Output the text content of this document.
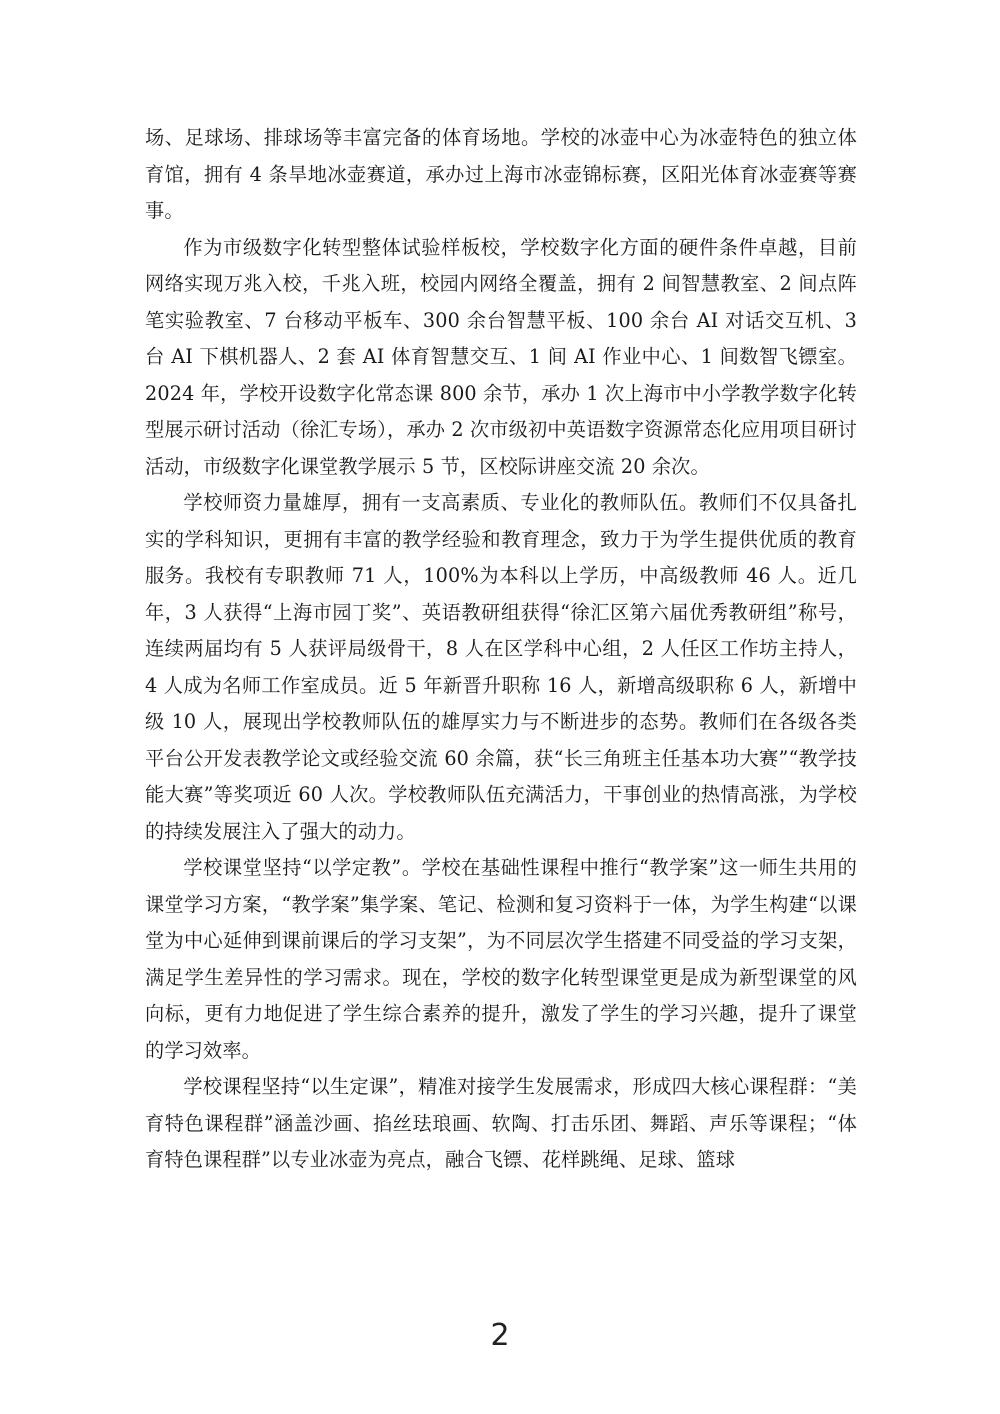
场、足球场、排球场等丰富完备的体育场地。学校的冰壶中心为冰壶特色的独立体育馆，拥有 4 条旱地冰壶赛道，承办过上海市冰壶锦标赛，区阳光体育冰壶赛等赛事。

作为市级数字化转型整体试验样板校，学校数字化方面的硬件条件卓越，目前网络实现万兆入校，千兆入班，校园内网络全覆盖，拥有 2 间智慧教室、2 间点阵笔实验教室、7 台移动平板车、300 余台智慧平板、100 余台 AI 对话交互机、3 台 AI 下棋机器人、2 套 AI 体育智慧交互、1 间 AI 作业中心、1 间数智飞镖室。2024 年，学校开设数字化常态课 800 余节，承办 1 次上海市中小学教学数字化转型展示研讨活动（徐汇专场），承办 2 次市级初中英语数字资源常态化应用项目研讨活动，市级数字化课堂教学展示 5 节，区校际讲座交流 20 余次。

学校师资力量雄厚，拥有一支高素质、专业化的教师队伍。教师们不仅具备扎实的学科知识，更拥有丰富的教学经验和教育理念，致力于为学生提供优质的教育服务。我校有专职教师 71 人，100%为本科以上学历，中高级教师 46 人。近几年，3 人获得“上海市园丁奖”、英语教研组获得“徐汇区第六届优秀教研组”称号，连续两届均有 5 人获评局级骨干，8 人在区学科中心组，2 人任区工作坊主持人，4 人成为名师工作室成员。近 5 年新晋升职称 16 人，新增高级职称 6 人，新增中级 10 人，展现出学校教师队伍的雄厚实力与不断进步的态势。教师们在各级各类平台公开发表教学论文或经验交流 60 余篇，获“长三角班主任基本功大赛”“教学技能大赛”等奖项近 60 人次。学校教师队伍充满活力，干事创业的热情高涨，为学校的持续发展注入了强大的动力。

学校课堂坚持“以学定教”。学校在基础性课程中推行“教学案”这一师生共用的课堂学习方案，“教学案”集学案、笔记、检测和复习资料于一体，为学生构建“以课堂为中心延伸到课前课后的学习支架”，为不同层次学生搭建不同受益的学习支架，满足学生差异性的学习需求。现在，学校的数字化转型课堂更是成为新型课堂的风向标，更有力地促进了学生综合素养的提升，激发了学生的学习兴趣，提升了课堂的学习效率。

学校课程坚持“以生定课”，精准对接学生发展需求，形成四大核心课程群：“美育特色课程群”涵盖沙画、掐丝珐琅画、软陶、打击乐团、舞蹈、声乐等课程；“体育特色课程群”以专业冰壶为亮点，融合飞镖、花样跳绳、足球、篮球

2
